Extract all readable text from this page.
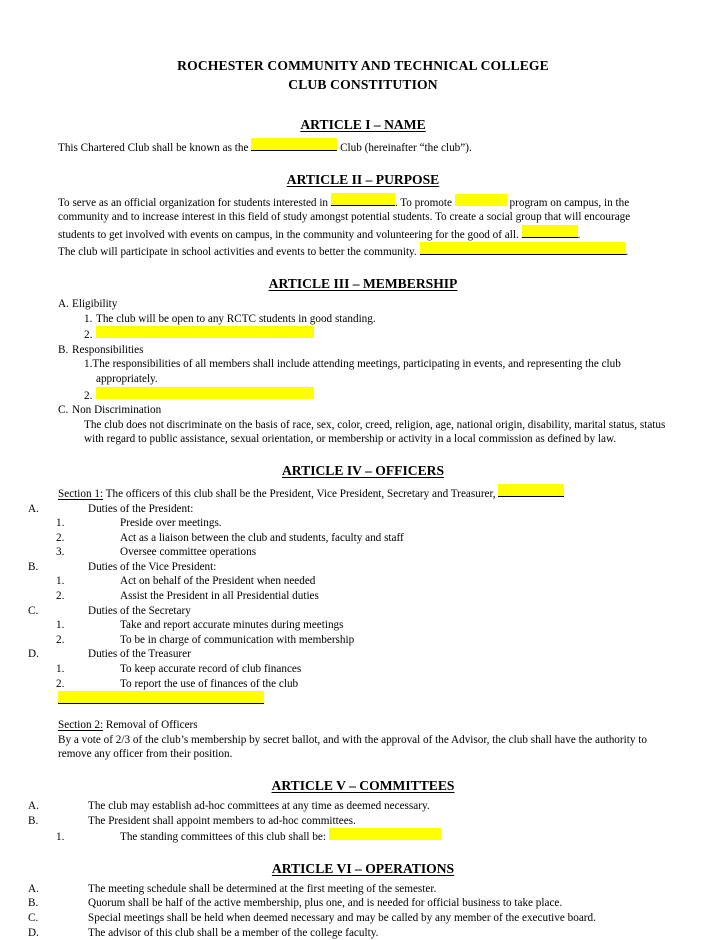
ROCHESTER COMMUNITY AND TECHNICAL COLLEGE
CLUB CONSTITUTION
ARTICLE I – NAME

This Chartered Club shall be known as the	Club (hereinafter “the club”).

ARTICLE II – PURPOSE

To serve as an official organization for students interested in	. To promote	program on campus, in the community and to increase interest in this field of study amongst potential students. To create a social group that will encourage students to get involved with events on campus, in the community and volunteering for the good of all.	.
The club will participate in school activities and events to better the community.	.

ARTICLE III – MEMBERSHIP

A. Eligibility

1. The club will be open to any RCTC students in good standing.

2.

B. Responsibilities

1.The responsibilities of all members shall include attending meetings, participating in events, and representing the club

appropriately.

2.

C. Non Discrimination

The club does not discriminate on the basis of race, sex, color, creed, religion, age, national origin, disability, marital status, status with regard to public assistance, sexual orientation, or membership or activity in a local commission as defined by law.

ARTICLE IV – OFFICERS

Section 1: The officers of this club shall be the President, Vice President, Secretary and Treasurer,

A.	Duties of the President:

1.	Preside over meetings.

2.	Act as a liaison between the club and students, faculty and staff

3.	Oversee committee operations

B.	Duties of the Vice President:

1.	Act on behalf of the President when needed

2.	Assist the President in all Presidential duties

C.	Duties of the Secretary

1.	Take and report accurate minutes during meetings

2.	To be in charge of communication with membership

D.	Duties of the Treasurer

1.	To keep accurate record of club finances

2.	To report the use of finances of the club

Section 2: Removal of Officers

By a vote of 2/3 of the club’s membership by secret ballot, and with the approval of the Advisor, the club shall have the authority to remove any officer from their position.

ARTICLE V – COMMITTEES

A.	The club may establish ad-hoc committees at any time as deemed necessary.

B.	The President shall appoint members to ad-hoc committees.

1.	The standing committees of this club shall be:

ARTICLE VI – OPERATIONS

A.	The meeting schedule shall be determined at the first meeting of the semester.

B.	Quorum shall be half of the active membership, plus one, and is needed for official business to take place.

C.	Special meetings shall be held when deemed necessary and may be called by any member of the executive board.

D.	The advisor of this club shall be a member of the college faculty.
